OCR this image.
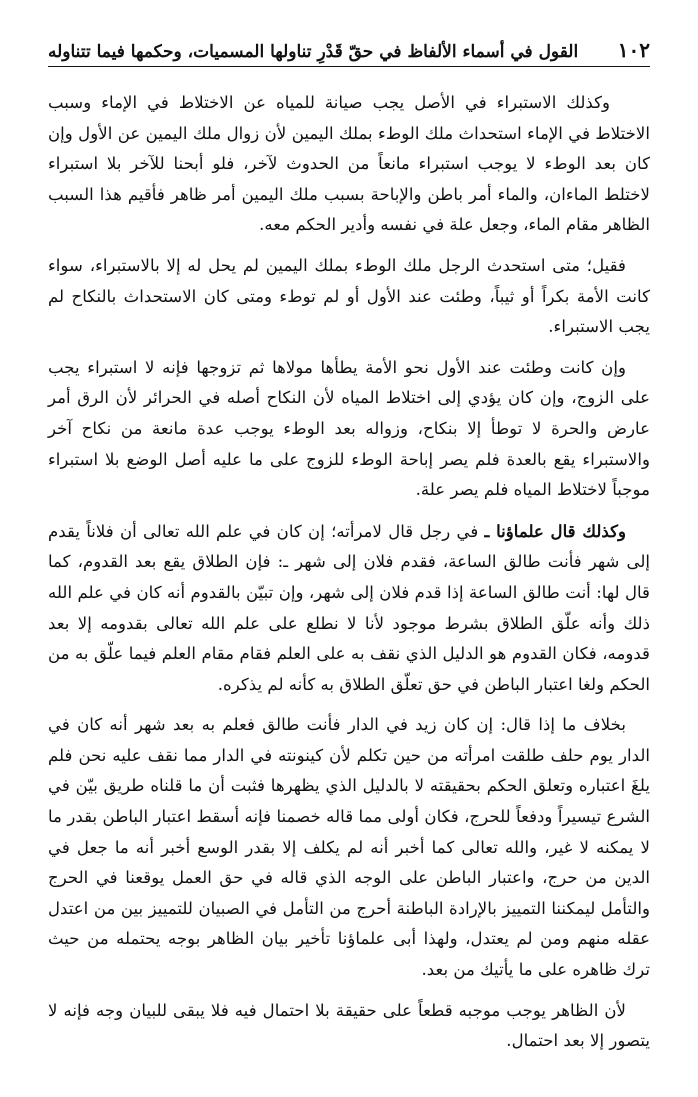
١٠٢
القول في أسماء الألفاظ في حقّ قَدْرِ تناولها المسميات، وحكمها فيما تتناوله

وكذلك الاستبراء في الأصل يجب صيانة للمياه عن الاختلاط في الإماء وسبب الاختلاط في الإماء استحداث ملك الوطء بملك اليمين لأن زوال ملك اليمين عن الأول وإن كان بعد الوطء لا يوجب استبراء مانعاً من الحدوث لآخر، فلو أبحنا للآخر بلا استبراء لاختلط الماءان، والماء أمر باطن والإباحة بسبب ملك اليمين أمر ظاهر فأقيم هذا السبب الظاهر مقام الماء، وجعل علة في نفسه وأدير الحكم معه.

فقيل؛ متى استحدث الرجل ملك الوطء بملك اليمين لم يحل له إلا بالاستبراء، سواء كانت الأمة بكراً أو ثيباً، وطئت عند الأول أو لم توطء ومتى كان الاستحداث بالنكاح لم يجب الاستبراء.

وإن كانت وطئت عند الأول نحو الأمة يطأها مولاها ثم تزوجها فإنه لا استبراء يجب على الزوج، وإن كان يؤدي إلى اختلاط المياه لأن النكاح أصله في الحرائر لأن الرق أمر عارض والحرة لا توطأ إلا بنكاح، وزواله بعد الوطء يوجب عدة مانعة من نكاح آخر والاستبراء يقع بالعدة فلم يصر إباحة الوطء للزوج على ما عليه أصل الوضع بلا استبراء موجباً لاختلاط المياه فلم يصر علة.

وكذلك قال علماؤنا ـ في رجل قال لامرأته؛ إن كان في علم الله تعالى أن فلاناً يقدم إلى شهر فأنت طالق الساعة، فقدم فلان إلى شهر ـ: فإن الطلاق يقع بعد القدوم، كما قال لها: أنت طالق الساعة إذا قدم فلان إلى شهر، وإن تبيّن بالقدوم أنه كان في علم الله ذلك وأنه علّق الطلاق بشرط موجود لأنا لا نطلع على علم الله تعالى بقدومه إلا بعد قدومه، فكان القدوم هو الدليل الذي نقف به على العلم فقام مقام العلم فيما علّق به من الحكم ولغا اعتبار الباطن في حق تعلّق الطلاق به كأنه لم يذكره.

بخلاف ما إذا قال: إن كان زيد في الدار فأنت طالق فعلم به بعد شهر أنه كان في الدار يوم حلف طلقت امرأته من حين تكلم لأن كينونته في الدار مما نقف عليه نحن فلم يلغَ اعتباره وتعلق الحكم بحقيقته لا بالدليل الذي يظهرها فثبت أن ما قلناه طريق بيّن في الشرع تيسيراً ودفعاً للحرج، فكان أولى مما قاله خصمنا فإنه أسقط اعتبار الباطن بقدر ما لا يمكنه لا غير، والله تعالى كما أخبر أنه لم يكلف إلا بقدر الوسع أخبر أنه ما جعل في الدين من حرج، واعتبار الباطن على الوجه الذي قاله في حق العمل يوقعنا في الحرج والتأمل ليمكننا التمييز بالإرادة الباطنة أحرج من التأمل في الصبيان للتمييز بين من اعتدل عقله منهم ومن لم يعتدل، ولهذا أبى علماؤنا تأخير بيان الظاهر بوجه يحتمله من حيث ترك ظاهره على ما يأتيك من بعد.

لأن الظاهر يوجب موجبه قطعاً على حقيقة بلا احتمال فيه فلا يبقى للبيان وجه فإنه لا يتصور إلا بعد احتمال.
